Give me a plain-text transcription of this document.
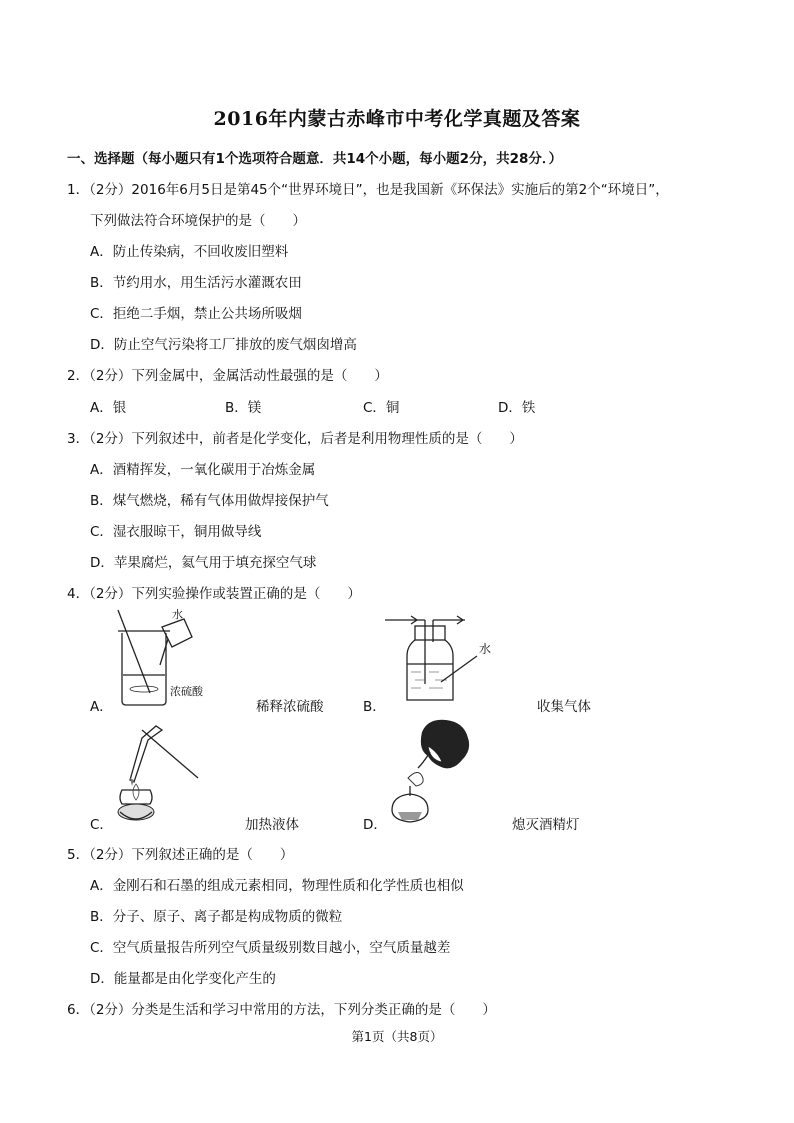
2016年内蒙古赤峰市中考化学真题及答案
一、选择题（每小题只有1个选项符合题意．共14个小题，每小题2分，共28分．）
1．（2分）2016年6月5日是第45个“世界环境日”，也是我国新《环保法》实施后的第2个“环境日”，
下列做法符合环境保护的是（　　）
A．防止传染病，不回收废旧塑料
B．节约用水，用生活污水灌溉农田
C．拒绝二手烟，禁止公共场所吸烟
D．防止空气污染将工厂排放的废气烟囱增高
2．（2分）下列金属中，金属活动性最强的是（　　）
A．银	B．镁	C．铜	D．铁
3．（2分）下列叙述中，前者是化学变化，后者是利用物理性质的是（　　）
A．酒精挥发，一氧化碳用于冶炼金属
B．煤气燃烧，稀有气体用做焊接保护气
C．湿衣服晾干，铜用做导线
D．苹果腐烂，氦气用于填充探空气球
4．（2分）下列实验操作或装置正确的是（　　）
水
浓硫酸
A．	稀释浓硫酸
水
B．	收集气体
C．	加热液体	D．	熄灭酒精灯
5．（2分）下列叙述正确的是（　　）
A．金刚石和石墨的组成元素相同，物理性质和化学性质也相似
B．分子、原子、离子都是构成物质的微粒
C．空气质量报告所列空气质量级别数目越小，空气质量越差
D．能量都是由化学变化产生的
6．（2分）分类是生活和学习中常用的方法，下列分类正确的是（　　）
第1页（共8页）
